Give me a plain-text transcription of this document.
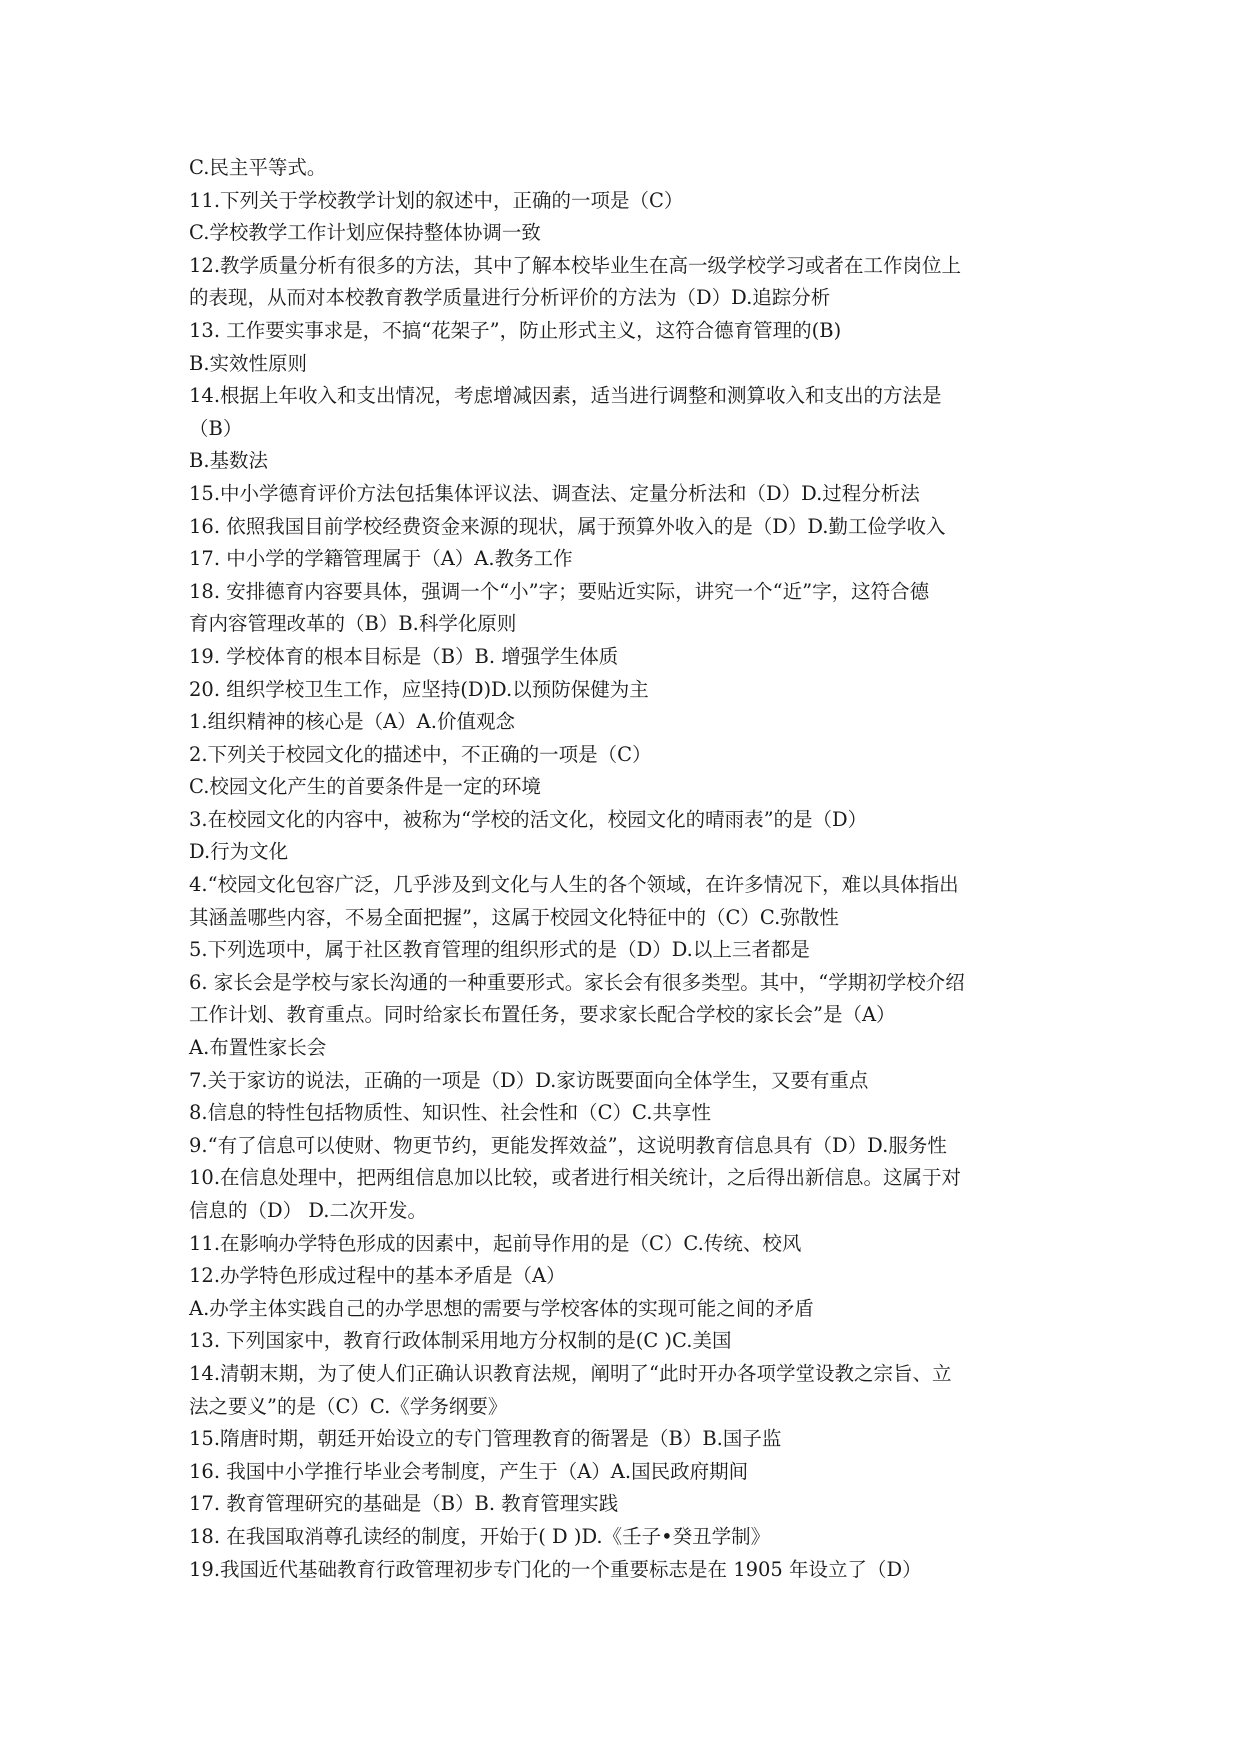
C.民主平等式。
11.下列关于学校教学计划的叙述中，正确的一项是（C）
C.学校教学工作计划应保持整体协调一致
12.教学质量分析有很多的方法，其中了解本校毕业生在高一级学校学习或者在工作岗位上
的表现，从而对本校教育教学质量进行分析评价的方法为（D）D.追踪分析
13. 工作要实事求是，不搞“花架子”，防止形式主义，这符合德育管理的(B)
B.实效性原则
14.根据上年收入和支出情况，考虑增减因素，适当进行调整和测算收入和支出的方法是
（B）
B.基数法
15.中小学德育评价方法包括集体评议法、调查法、定量分析法和（D）D.过程分析法
16. 依照我国目前学校经费资金来源的现状，属于预算外收入的是（D）D.勤工俭学收入
17. 中小学的学籍管理属于（A）A.教务工作
18. 安排德育内容要具体，强调一个“小”字；要贴近实际，讲究一个“近”字，这符合德
育内容管理改革的（B）B.科学化原则
19. 学校体育的根本目标是（B）B. 增强学生体质
20. 组织学校卫生工作，应坚持(D)D.以预防保健为主
1.组织精神的核心是（A）A.价值观念
2.下列关于校园文化的描述中，不正确的一项是（C）
C.校园文化产生的首要条件是一定的环境
3.在校园文化的内容中，被称为“学校的活文化，校园文化的晴雨表”的是（D）
D.行为文化
4.“校园文化包容广泛，几乎涉及到文化与人生的各个领域，在许多情况下，难以具体指出
其涵盖哪些内容，不易全面把握”，这属于校园文化特征中的（C）C.弥散性
5.下列选项中，属于社区教育管理的组织形式的是（D）D.以上三者都是
6. 家长会是学校与家长沟通的一种重要形式。家长会有很多类型。其中，“学期初学校介绍
工作计划、教育重点。同时给家长布置任务，要求家长配合学校的家长会”是（A）
A.布置性家长会
7.关于家访的说法，正确的一项是（D）D.家访既要面向全体学生，又要有重点
8.信息的特性包括物质性、知识性、社会性和（C）C.共享性
9.“有了信息可以使财、物更节约，更能发挥效益”，这说明教育信息具有（D）D.服务性
10.在信息处理中，把两组信息加以比较，或者进行相关统计，之后得出新信息。这属于对
信息的（D） D.二次开发。
11.在影响办学特色形成的因素中，起前导作用的是（C）C.传统、校风
12.办学特色形成过程中的基本矛盾是（A）
A.办学主体实践自己的办学思想的需要与学校客体的实现可能之间的矛盾
13. 下列国家中，教育行政体制采用地方分权制的是(C )C.美国
14.清朝末期，为了使人们正确认识教育法规，阐明了“此时开办各项学堂设教之宗旨、立
法之要义”的是（C）C.《学务纲要》
15.隋唐时期，朝廷开始设立的专门管理教育的衙署是（B）B.国子监
16. 我国中小学推行毕业会考制度，产生于（A）A.国民政府期间
17. 教育管理研究的基础是（B）B. 教育管理实践
18. 在我国取消尊孔读经的制度，开始于( D )D.《壬子•癸丑学制》
19.我国近代基础教育行政管理初步专门化的一个重要标志是在 1905 年设立了（D）
